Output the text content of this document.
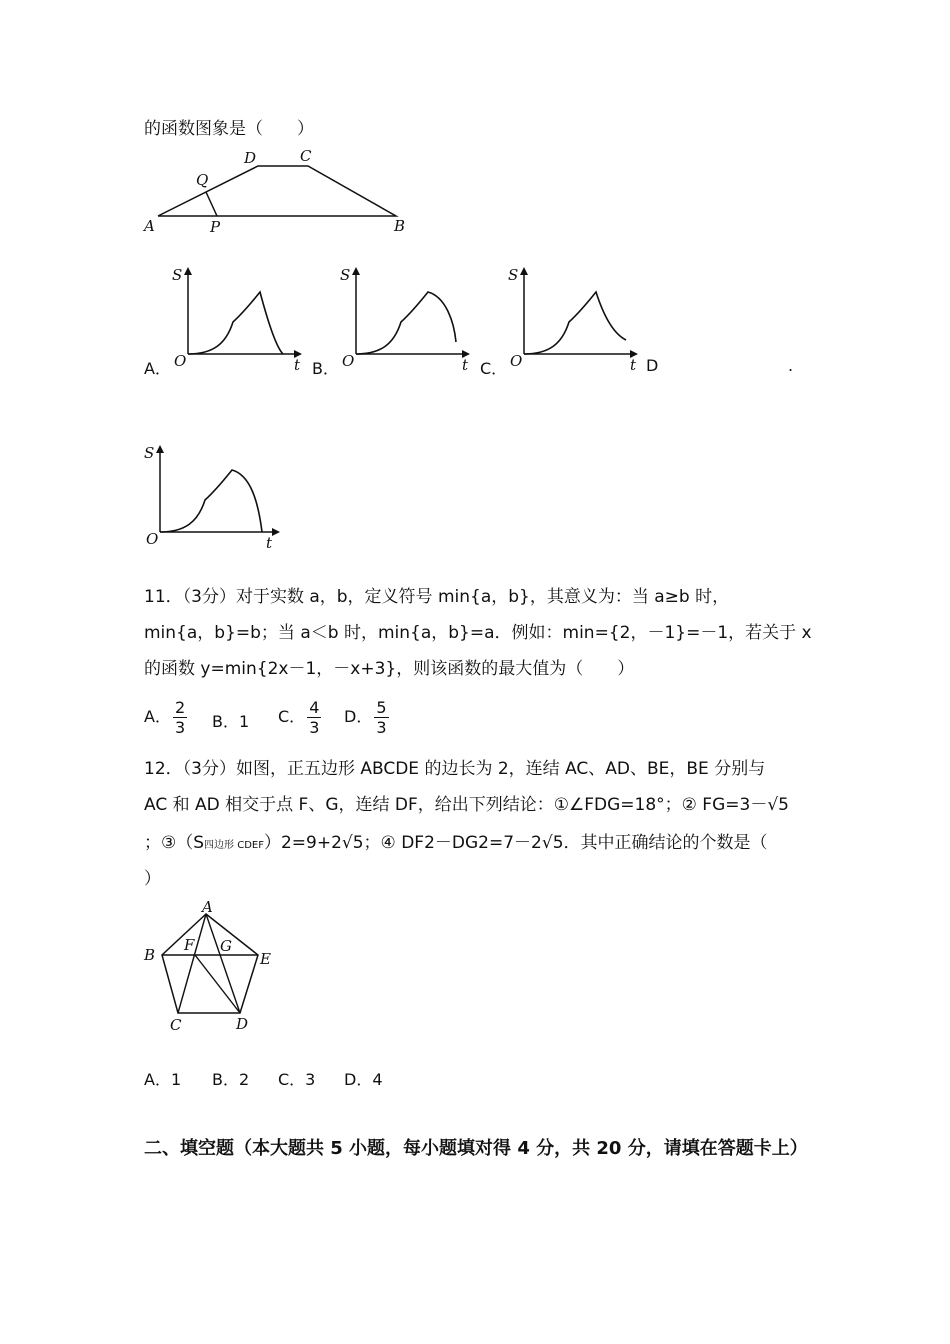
的函数图象是（　　）
A	B
C
D
P
Q
S
t
O
A．
S
t
O
B．
S
t
O
C．	D	.
S
t
O
11．（3分）对于实数 a，b，定义符号 min{a，b}，其意义为：当 a≥b 时，
min{a，b}=b；当 a＜b 时，min{a，b}=a．例如：min={2，－1}=－1，若关于 x
的函数 y=min{2x－1，－x+3}，则该函数的最大值为（　　）
A． $\frac{2}{3}$ B．1 C． $\frac{4}{3}$ D． $\frac{5}{3}$
12．（3分）如图，正五边形 ABCDE 的边长为 2，连结 AC、AD、BE，BE 分别与
AC 和 AD 相交于点 F、G，连结 DF，给出下列结论：①∠FDG=18°；② FG=3－√5
；③（S四边形 CDEF）2=9+2√5；④ DF2－DG2=7－2√5．其中正确结论的个数是（
）
A
B
C	D
E
F G
A．1 B．2 C．3 D．4
二、填空题（本大题共 5 小题，每小题填对得 4 分，共 20 分，请填在答题卡上）
